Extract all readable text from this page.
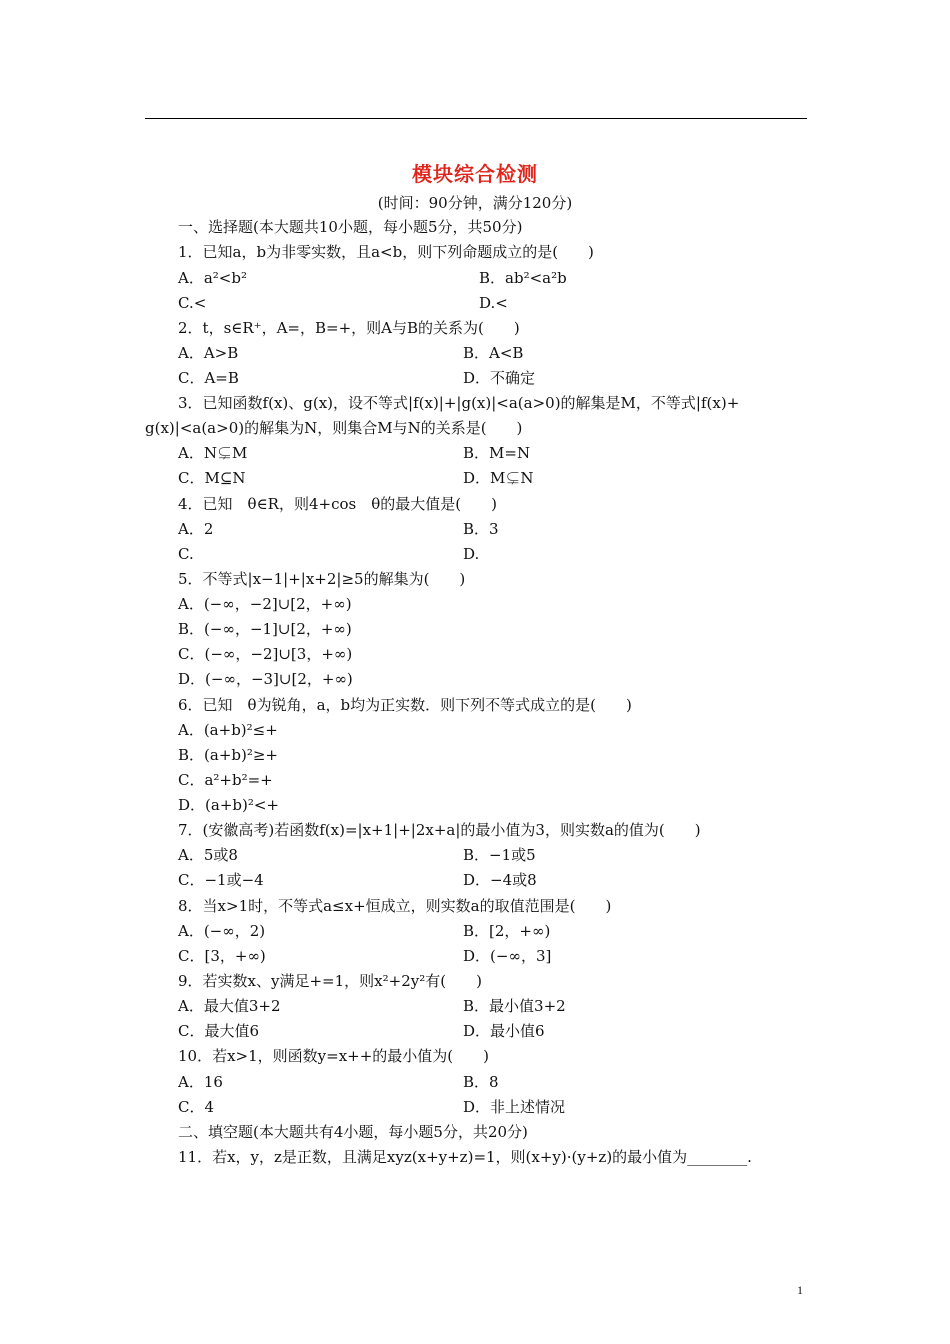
模块综合检测
(时间：90分钟，满分120分)
一、选择题(本大题共10小题，每小题5分，共50分)
1．已知a，b为非零实数，且a<b，则下列命题成立的是(　　)
A．a²<b²	B．ab²<a²b
C.<	D.<
2．t，s∈R⁺，A=，B=+，则A与B的关系为(　　)
A．A>B	B．A<B
C．A=B	D．不确定
3．已知函数f(x)、g(x)，设不等式|f(x)|+|g(x)|<a(a>0)的解集是M，不等式|f(x)+
g(x)|<a(a>0)的解集为N，则集合M与N的关系是(　　)
A．N⊊M	B．M=N
C．M⊆N	D．M⊊N
4．已知　θ∈R，则4+cos　θ的最大值是(　　)
A．2	B．3
C.	D.
5．不等式|x−1|+|x+2|≥5的解集为(　　)
A．(−∞，−2]∪[2，+∞)
B．(−∞，−1]∪[2，+∞)
C．(−∞，−2]∪[3，+∞)
D．(−∞，−3]∪[2，+∞)
6．已知　θ为锐角，a，b均为正实数．则下列不等式成立的是(　　)
A．(a+b)²≤+
B．(a+b)²≥+
C．a²+b²=+
D．(a+b)²<+
7．(安徽高考)若函数f(x)=|x+1|+|2x+a|的最小值为3，则实数a的值为(　　)
A．5或8	B．−1或5
C．−1或−4	D．−4或8
8．当x>1时，不等式a≤x+恒成立，则实数a的取值范围是(　　)
A．(−∞，2)	B．[2，+∞)
C．[3，+∞)	D．(−∞，3]
9．若实数x、y满足+=1，则x²+2y²有(　　)
A．最大值3+2	B．最小值3+2
C．最大值6	D．最小值6
10．若x>1，则函数y=x++的最小值为(　　)
A．16	B．8
C．4	D．非上述情况
二、填空题(本大题共有4小题，每小题5分，共20分)
11．若x，y，z是正数，且满足xyz(x+y+z)=1，则(x+y)·(y+z)的最小值为________.
1
